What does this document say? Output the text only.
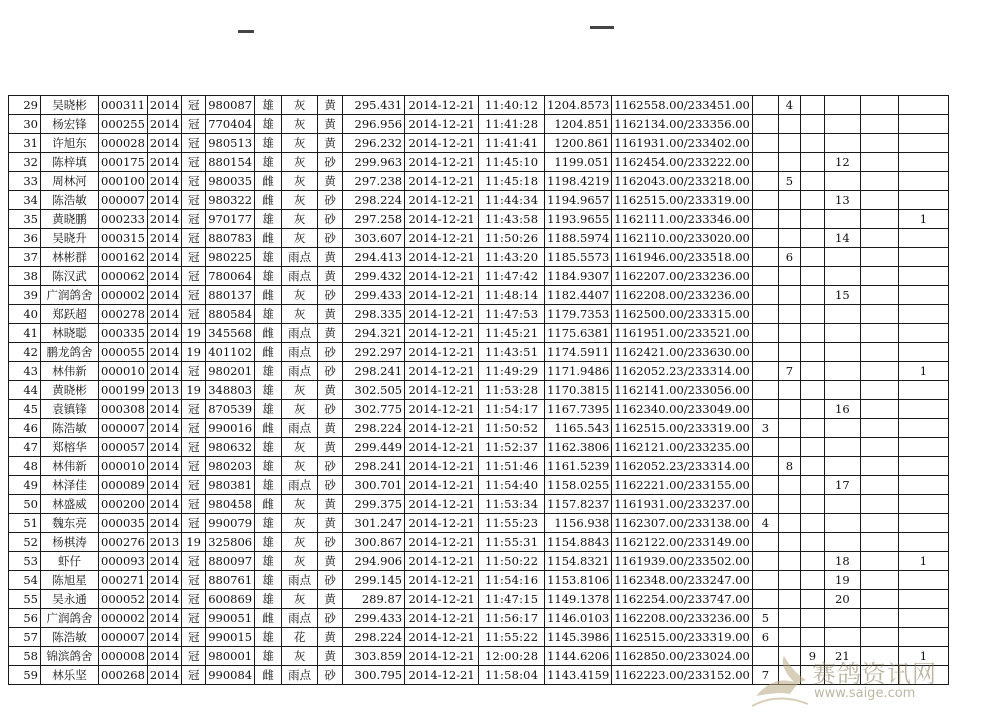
29	吴晓彬	000311	2014	冠	980087	雄	灰	黄	295.431	2014-12-21	11:40:12	1204.8573	1162558.00/233451.00		4				
30	杨宏锋	000255	2014	冠	770404	雄	灰	黄	296.956	2014-12-21	11:41:28	1204.851	1162134.00/233356.00						
31	许旭东	000028	2014	冠	980513	雄	灰	黄	296.232	2014-12-21	11:41:41	1200.861	1161931.00/233402.00						
32	陈梓填	000175	2014	冠	880154	雄	灰	砂	299.963	2014-12-21	11:45:10	1199.051	1162454.00/233222.00				12		
33	周林河	000100	2014	冠	980035	雌	灰	黄	297.238	2014-12-21	11:45:18	1198.4219	1162043.00/233218.00		5				
34	陈浩敏	000007	2014	冠	980322	雌	灰	砂	298.224	2014-12-21	11:44:34	1194.9657	1162515.00/233319.00				13		
35	黄晓鹏	000233	2014	冠	970177	雄	灰	砂	297.258	2014-12-21	11:43:58	1193.9655	1162111.00/233346.00						1
36	吴晓升	000315	2014	冠	880783	雌	灰	砂	303.607	2014-12-21	11:50:26	1188.5974	1162110.00/233020.00				14		
37	林彬群	000162	2014	冠	980225	雄	雨点	黄	294.413	2014-12-21	11:43:20	1185.5573	1161946.00/233518.00		6				
38	陈汉武	000062	2014	冠	780064	雄	雨点	黄	299.432	2014-12-21	11:47:42	1184.9307	1162207.00/233236.00						
39	广润鸽舍	000002	2014	冠	880137	雌	灰	砂	299.433	2014-12-21	11:48:14	1182.4407	1162208.00/233236.00				15		
40	郑跃超	000278	2014	冠	880584	雄	灰	黄	298.335	2014-12-21	11:47:53	1179.7353	1162500.00/233315.00						
41	林晓聪	000335	2014	19	345568	雌	雨点	黄	294.321	2014-12-21	11:45:21	1175.6381	1161951.00/233521.00						
42	鹏龙鸽舍	000055	2014	19	401102	雌	雨点	砂	292.297	2014-12-21	11:43:51	1174.5911	1162421.00/233630.00						
43	林伟新	000010	2014	冠	980201	雄	雨点	砂	298.241	2014-12-21	11:49:29	1171.9486	1162052.23/233314.00		7				1
44	黄晓彬	000199	2013	19	348803	雄	灰	黄	302.505	2014-12-21	11:53:28	1170.3815	1162141.00/233056.00						
45	袁镇锋	000308	2014	冠	870539	雄	灰	砂	302.775	2014-12-21	11:54:17	1167.7395	1162340.00/233049.00				16		
46	陈浩敏	000007	2014	冠	990016	雌	雨点	黄	298.224	2014-12-21	11:50:52	1165.543	1162515.00/233319.00	3					
47	郑榕华	000057	2014	冠	980632	雄	灰	黄	299.449	2014-12-21	11:52:37	1162.3806	1162121.00/233235.00						
48	林伟新	000010	2014	冠	980203	雄	灰	砂	298.241	2014-12-21	11:51:46	1161.5239	1162052.23/233314.00		8				
49	林泽佳	000089	2014	冠	980381	雄	雨点	砂	300.701	2014-12-21	11:54:40	1158.0255	1162221.00/233155.00				17		
50	林盛威	000200	2014	冠	980458	雌	灰	黄	299.375	2014-12-21	11:53:34	1157.8237	1161931.00/233237.00						
51	魏东亮	000035	2014	冠	990079	雄	灰	黄	301.247	2014-12-21	11:55:23	1156.938	1162307.00/233138.00	4					
52	杨棋涛	000276	2013	19	325806	雄	灰	砂	300.867	2014-12-21	11:55:31	1154.8843	1162122.00/233149.00						
53	虾仔	000093	2014	冠	880097	雄	灰	黄	294.906	2014-12-21	11:50:22	1154.8321	1161939.00/233502.00				18		1
54	陈旭星	000271	2014	冠	880761	雄	雨点	砂	299.145	2014-12-21	11:54:16	1153.8106	1162348.00/233247.00				19		
55	吴永通	000052	2014	冠	600869	雄	灰	黄	289.87	2014-12-21	11:47:15	1149.1378	1162254.00/233747.00				20		
56	广润鸽舍	000002	2014	冠	990051	雌	雨点	砂	299.433	2014-12-21	11:56:17	1146.0103	1162208.00/233236.00	5					
57	陈浩敏	000007	2014	冠	990015	雄	花	黄	298.224	2014-12-21	11:55:22	1145.3986	1162515.00/233319.00	6					
58	锦滨鸽舍	000008	2014	冠	980001	雄	灰	黄	303.859	2014-12-21	12:00:28	1144.6206	1162850.00/233024.00			9	21		1
59	林乐坚	000268	2014	冠	990084	雌	雨点	砂	300.795	2014-12-21	11:58:04	1143.4159	1162223.00/233152.00	7					赛鸽资讯网
www.saige.com
